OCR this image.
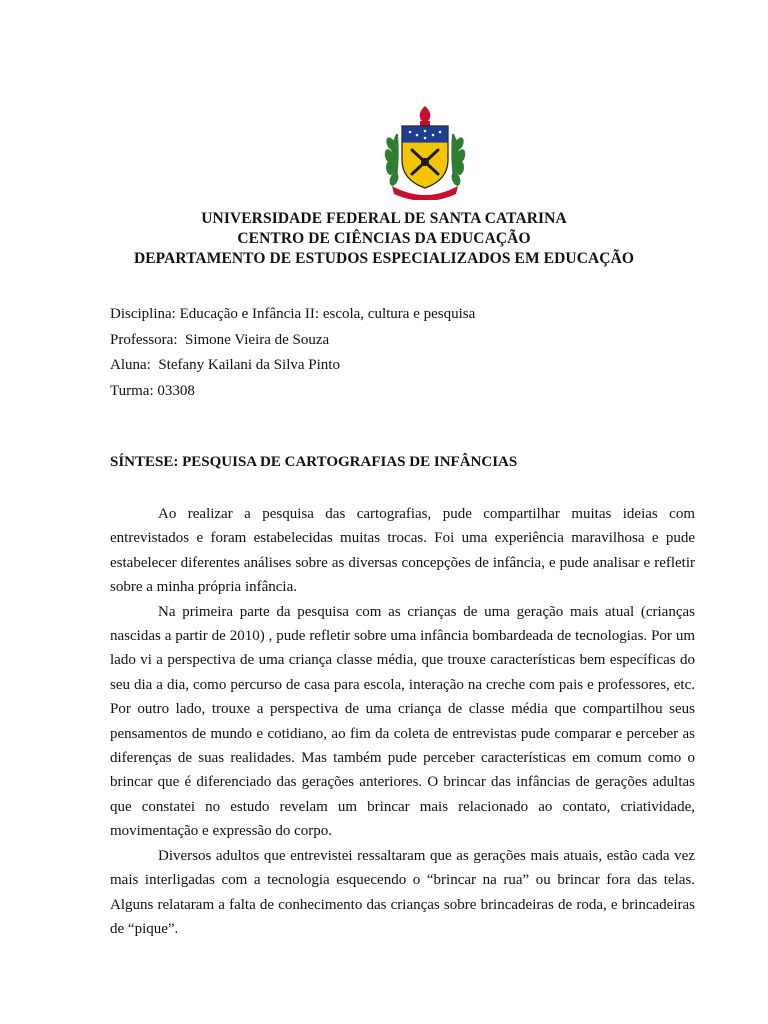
UNIVERSIDADE FEDERAL DE SANTA CATARINA
CENTRO DE CIÊNCIAS DA EDUCAÇÃO
DEPARTAMENTO DE ESTUDOS ESPECIALIZADOS EM EDUCAÇÃO
Disciplina: Educação e Infância II: escola, cultura e pesquisa
Professora: Simone Vieira de Souza
Aluna: Stefany Kailani da Silva Pinto
Turma: 03308
SÍNTESE: PESQUISA DE CARTOGRAFIAS DE INFÂNCIAS

Ao realizar a pesquisa das cartografias, pude compartilhar muitas ideias com entrevistados e foram estabelecidas muitas trocas. Foi uma experiência maravilhosa e pude estabelecer diferentes análises sobre as diversas concepções de infância, e pude analisar e refletir sobre a minha própria infância.

Na primeira parte da pesquisa com as crianças de uma geração mais atual (crianças nascidas a partir de 2010) , pude refletir sobre uma infância bombardeada de tecnologias. Por um lado vi a perspectiva de uma criança classe média, que trouxe características bem específicas do seu dia a dia, como percurso de casa para escola, interação na creche com pais e professores, etc. Por outro lado, trouxe a perspectiva de uma criança de classe média que compartilhou seus pensamentos de mundo e cotidiano, ao fim da coleta de entrevistas pude comparar e perceber as diferenças de suas realidades. Mas também pude perceber características em comum como o brincar que é diferenciado das gerações anteriores. O brincar das infâncias de gerações adultas que constatei no estudo revelam um brincar mais relacionado ao contato, criatividade, movimentação e expressão do corpo.

Diversos adultos que entrevistei ressaltaram que as gerações mais atuais, estão cada vez mais interligadas com a tecnologia esquecendo o “brincar na rua” ou brincar fora das telas. Alguns relataram a falta de conhecimento das crianças sobre brincadeiras de roda, e brincadeiras de “pique”.
